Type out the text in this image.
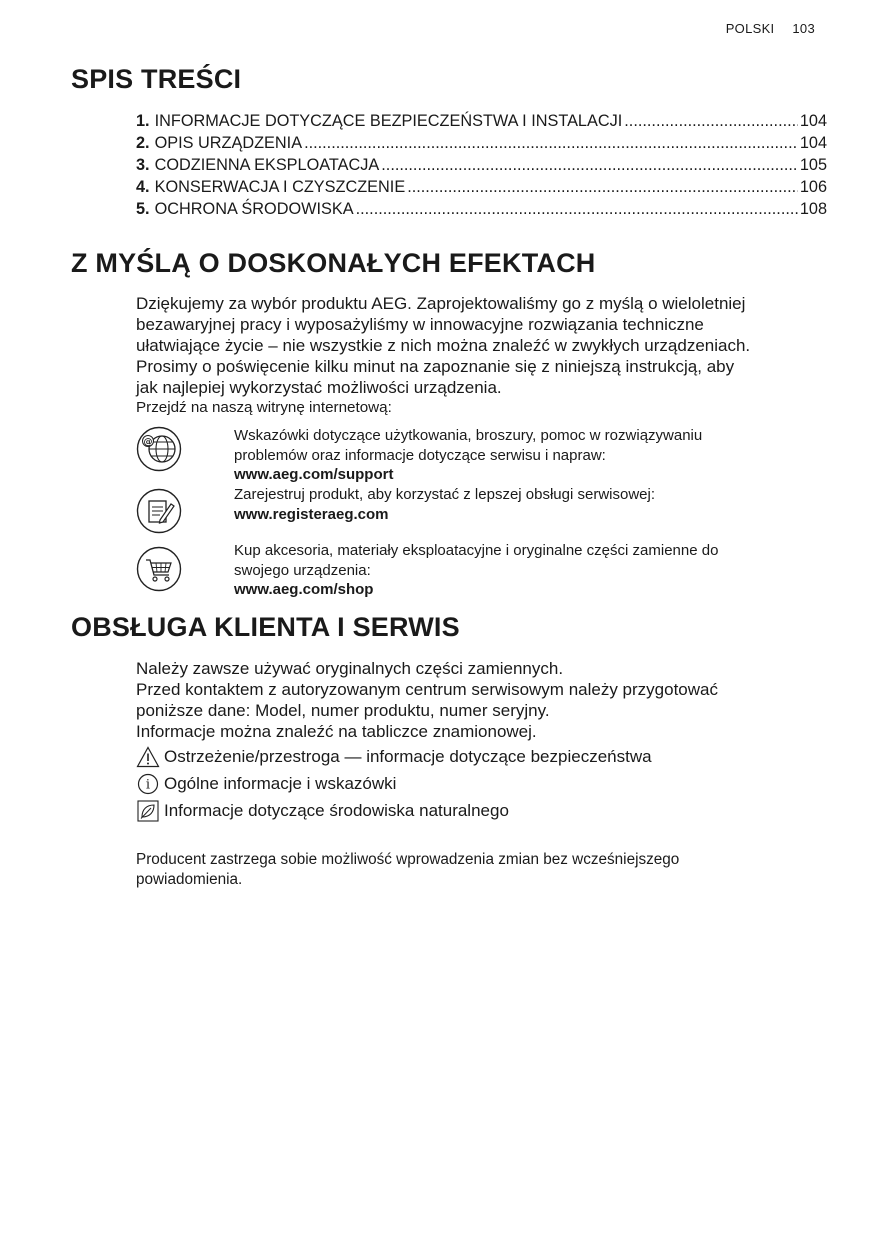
POLSKI 103
SPIS TREŚCI
1. INFORMACJE DOTYCZĄCE BEZPIECZEŃSTWA I INSTALACJI .....	104
2. OPIS URZĄDZENIA .....	104
3. CODZIENNA EKSPLOATACJA .....	105
4. KONSERWACJA I CZYSZCZENIE .....	106
5. OCHRONA ŚRODOWISKA .....	108
Z MYŚLĄ O DOSKONAŁYCH EFEKTACH
Dziękujemy za wybór produktu AEG. Zaprojektowaliśmy go z myślą o wieloletniej
bezawaryjnej pracy i wyposażyliśmy w innowacyjne rozwiązania techniczne
ułatwiające życie – nie wszystkie z nich można znaleźć w zwykłych urządzeniach.
Prosimy o poświęcenie kilku minut na zapoznanie się z niniejszą instrukcją, aby
jak najlepiej wykorzystać możliwości urządzenia.
Przejdź na naszą witrynę internetową:
@	Wskazówki dotyczące użytkowania, broszury, pomoc w rozwiązywaniu
problemów oraz informacje dotyczące serwisu i napraw:
www.aeg.com/support
Zarejestruj produkt, aby korzystać z lepszej obsługi serwisowej:
www.registeraeg.com
Kup akcesoria, materiały eksploatacyjne i oryginalne części zamienne do
swojego urządzenia:
www.aeg.com/shop
OBSŁUGA KLIENTA I SERWIS
Należy zawsze używać oryginalnych części zamiennych.
Przed kontaktem z autoryzowanym centrum serwisowym należy przygotować
poniższe dane: Model, numer produktu, numer seryjny.
Informacje można znaleźć na tabliczce znamionowej.
Ostrzeżenie/przestroga — informacje dotyczące bezpieczeństwa
i Ogólne informacje i wskazówki
Informacje dotyczące środowiska naturalnego
Producent zastrzega sobie możliwość wprowadzenia zmian bez wcześniejszego
powiadomienia.
